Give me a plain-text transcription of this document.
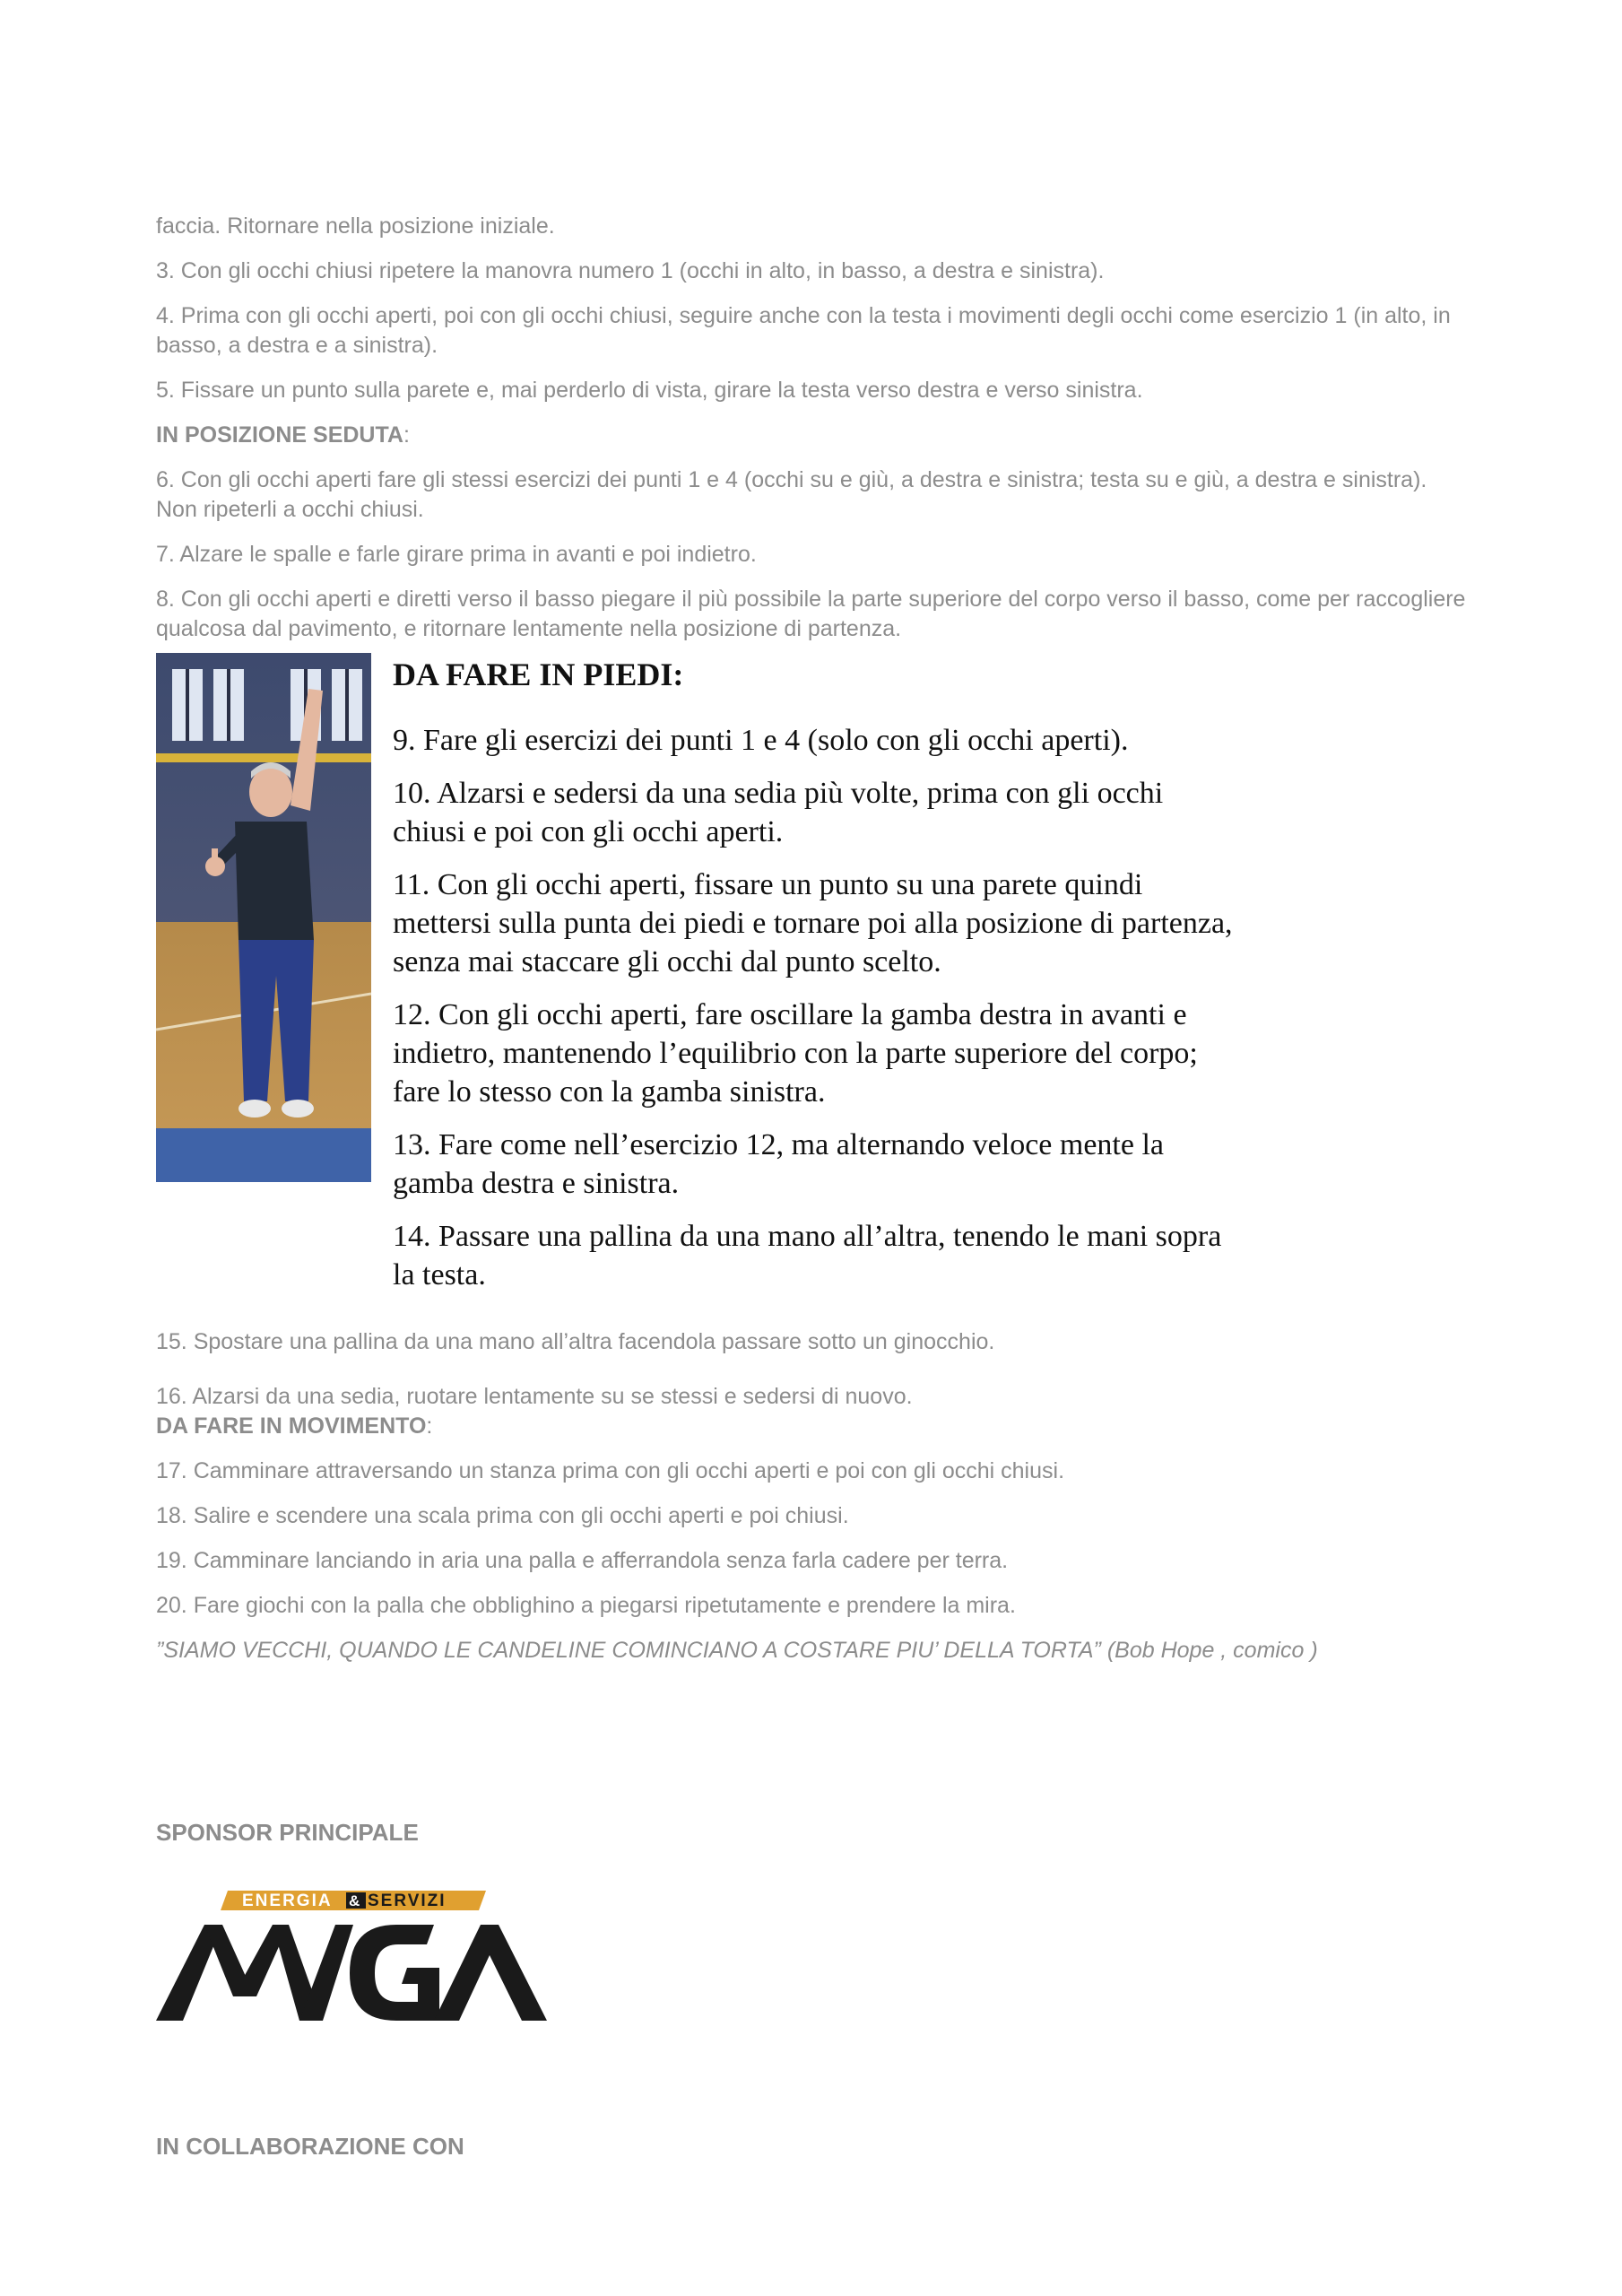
faccia. Ritornare nella posizione iniziale.

3. Con gli occhi chiusi ripetere la manovra numero 1 (occhi in alto, in basso, a destra e sinistra).

4. Prima con gli occhi aperti, poi con gli occhi chiusi, seguire anche con la testa i movimenti degli occhi come esercizio 1 (in alto, in basso, a destra e a sinistra).

5. Fissare un punto sulla parete e, mai perderlo di vista, girare la testa verso destra e verso sinistra.

IN POSIZIONE SEDUTA:

6. Con gli occhi aperti fare gli stessi esercizi dei punti 1 e 4 (occhi su e giù, a destra e sinistra; testa su e giù, a destra e sinistra). Non ripeterli a occhi chiusi.

7. Alzare le spalle e farle girare prima in avanti e poi indietro.

8. Con gli occhi aperti e diretti verso il basso piegare il più possibile la parte superiore del corpo verso il basso, come per raccogliere qualcosa dal pavimento, e ritornare lentamente nella posizione di partenza.

DA FARE IN PIEDI:

9. Fare gli esercizi dei punti 1 e 4 (solo con gli occhi aperti).

10. Alzarsi e sedersi da una sedia più volte, prima con gli occhi chiusi e poi con gli occhi aperti.

11. Con gli occhi aperti, fissare un punto su una parete quindi mettersi sulla punta dei piedi e tornare poi alla posizione di partenza, senza mai staccare gli occhi dal punto scelto.

12. Con gli occhi aperti, fare oscillare la gamba destra in avanti e indietro, mantenendo l’equilibrio con la parte superiore del corpo; fare lo stesso con la gamba sinistra.

13. Fare come nell’esercizio 12, ma alternando veloce mente la gamba destra e sinistra.

14. Passare una pallina da una mano all’altra, tenendo le mani sopra la testa.

15. Spostare una pallina da una mano all’altra facendola passare sotto un ginocchio.

16. Alzarsi da una sedia, ruotare lentamente su se stessi e sedersi di nuovo.

DA FARE IN MOVIMENTO:

17. Camminare attraversando un stanza prima con gli occhi aperti e poi con gli occhi chiusi.

18. Salire e scendere una scala prima con gli occhi aperti e poi chiusi.

19. Camminare lanciando in aria una palla e afferrandola senza farla cadere per terra.

20. Fare giochi con la palla che obblighino a piegarsi ripetutamente e prendere la mira.

”SIAMO VECCHI, QUANDO LE CANDELINE COMINCIANO A COSTARE PIU’ DELLA TORTA” (Bob Hope , comico )

SPONSOR PRINCIPALE
ENERGIA & SERVIZI
AMGA
IN COLLABORAZIONE CON
